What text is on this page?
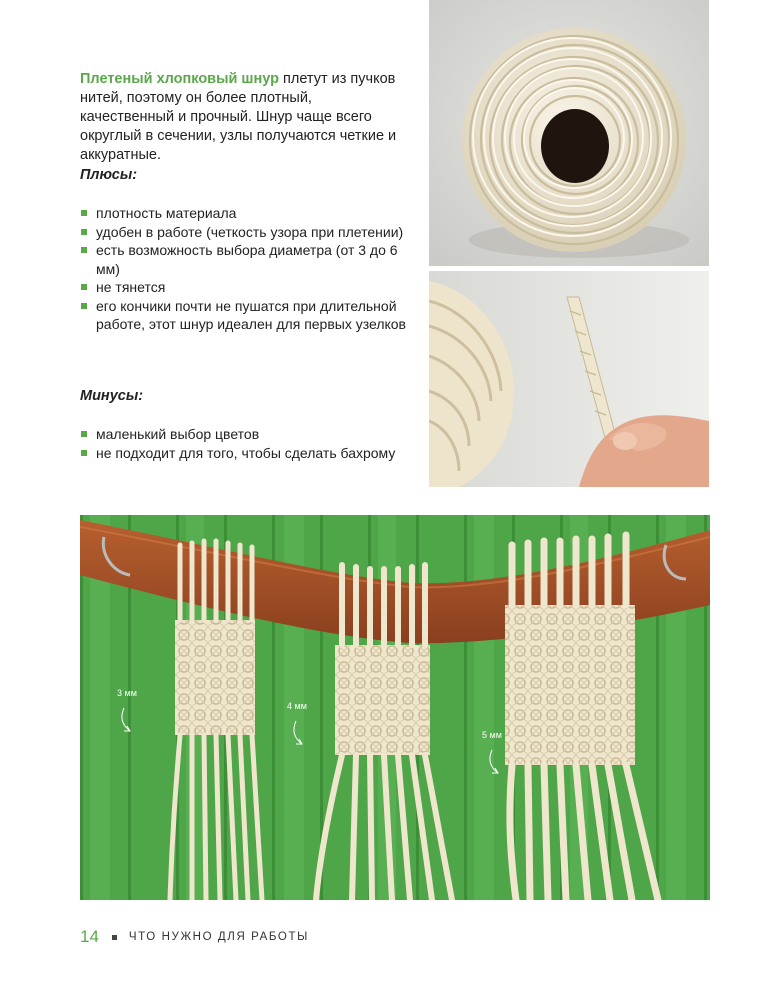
Плетеный хлопковый шнур плетут из пучков нитей, поэтому он более плотный, качественный и прочный. Шнур чаще всего округлый в сечении, узлы получаются четкие и аккуратные.

Плюсы:

плотность материала
удобен в работе (четкость узора при плетении)
есть возможность выбора диаметра (от 3 до 6 мм)
не тянется
его кончики почти не пушатся при длительной работе, этот шнур идеален для первых узелков

Минусы:

маленький выбор цветов
не подходит для того, чтобы сделать бахрому
3 мм
4 мм
5 мм
14	ЧТО НУЖНО ДЛЯ РАБОТЫ
